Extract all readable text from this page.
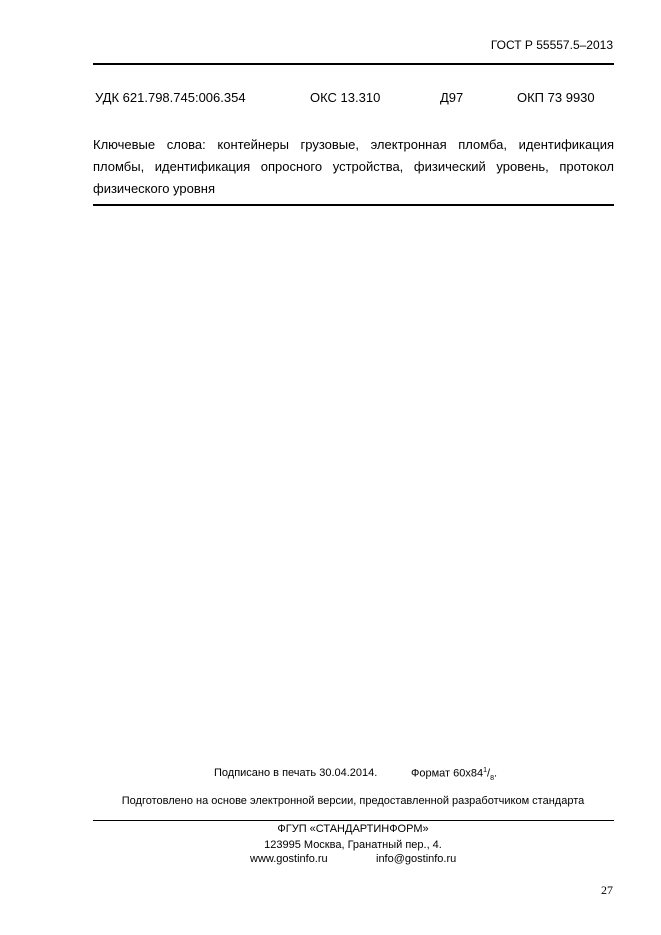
ГОСТ Р 55557.5–2013
УДК 621.798.745:006.354	ОКС 13.310	Д97	ОКП 73 9930
Ключевые слова: контейнеры грузовые, электронная пломба, идентификация пломбы, идентификация опросного устройства, физический уровень, протокол физического уровня
Подписано в печать 30.04.2014.	Формат $60х84^1/_8$.
Подготовлено на основе электронной версии, предоставленной разработчиком стандарта
ФГУП «СТАНДАРТИНФОРМ»
123995 Москва, Гранатный пер., 4.
www.gostinfo.ru	info@gostinfo.ru
27
